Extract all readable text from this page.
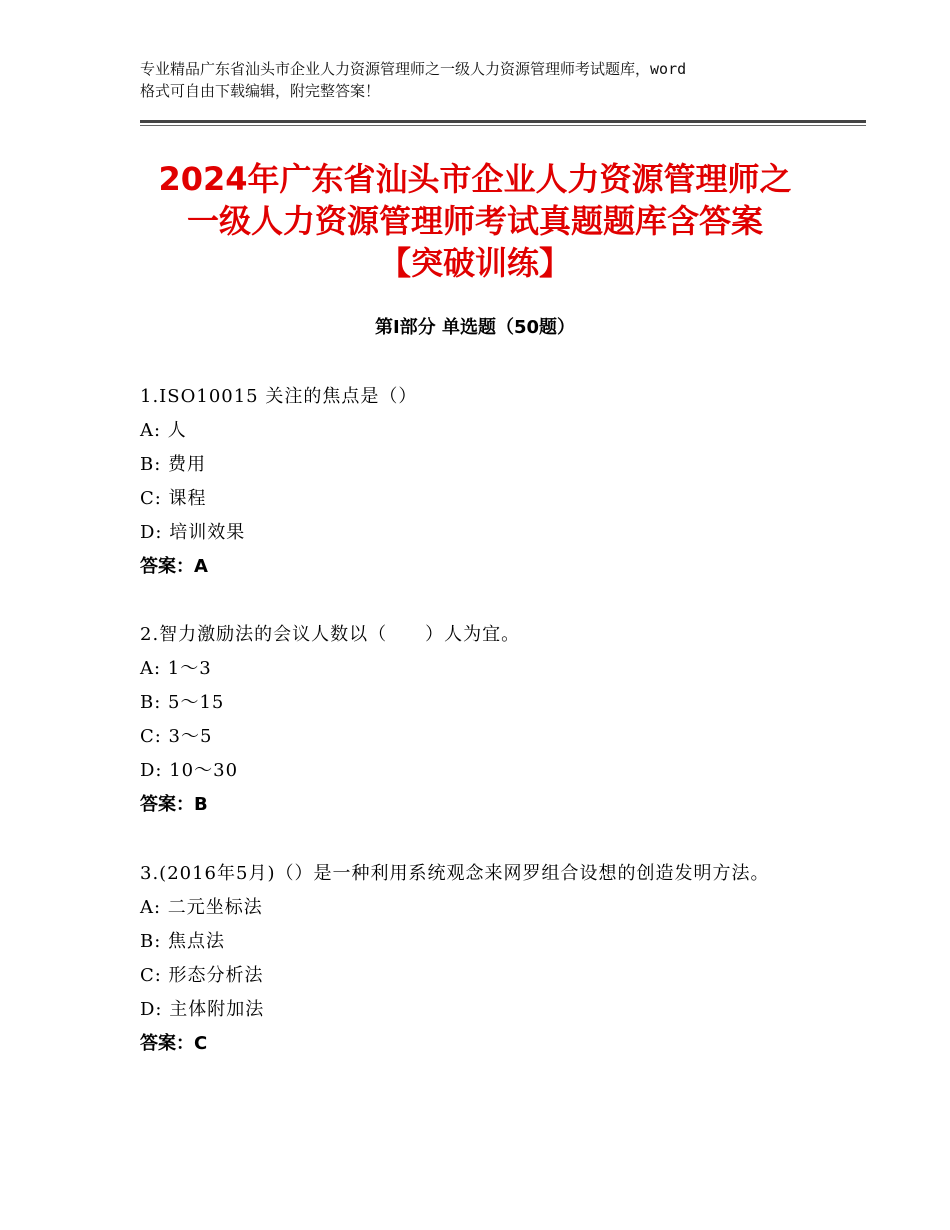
专业精品广东省汕头市企业人力资源管理师之一级人力资源管理师考试题库，word
格式可自由下载编辑，附完整答案！
2024年广东省汕头市企业人力资源管理师之
一级人力资源管理师考试真题题库含答案
【突破训练】
第Ⅰ部分 单选题（50题）
1.ISO10015 关注的焦点是（）
A: 人
B: 费用
C: 课程
D: 培训效果
答案：A
2.智力激励法的会议人数以（　　）人为宜。
A: 1～3
B: 5～15
C: 3～5
D: 10～30
答案：B
3.(2016年5月)（）是一种利用系统观念来网罗组合设想的创造发明方法。
A: 二元坐标法
B: 焦点法
C: 形态分析法
D: 主体附加法
答案：C
